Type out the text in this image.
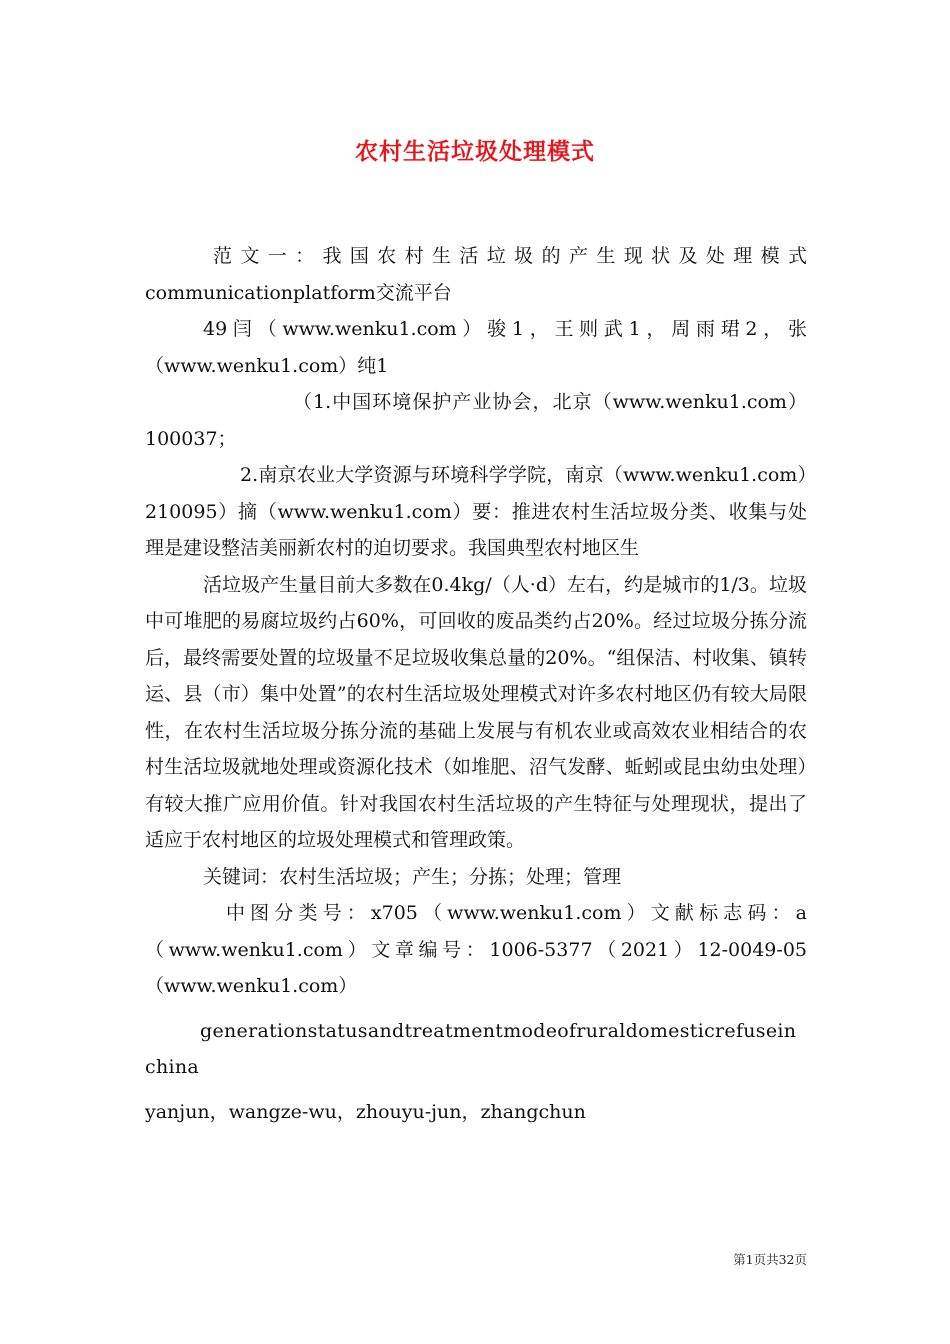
农村生活垃圾处理模式

范文一：我国农村生活垃圾的产生现状及处理模式communicationplatform交流平台

49闫（www.wenku1.com）骏1，王则武1，周雨珺2，张（www.wenku1.com）纯1

（1.中国环境保护产业协会，北京（www.wenku1.com）100037；

2.南京农业大学资源与环境科学学院，南京（www.wenku1.com）210095）摘（www.wenku1.com）要：推进农村生活垃圾分类、收集与处理是建设整洁美丽新农村的迫切要求。我国典型农村地区生

活垃圾产生量目前大多数在0.4kg/（人·d）左右，约是城市的1/3。垃圾中可堆肥的易腐垃圾约占60%，可回收的废品类约占20%。经过垃圾分拣分流后，最终需要处置的垃圾量不足垃圾收集总量的20%。“组保洁、村收集、镇转运、县（市）集中处置”的农村生活垃圾处理模式对许多农村地区仍有较大局限性，在农村生活垃圾分拣分流的基础上发展与有机农业或高效农业相结合的农村生活垃圾就地处理或资源化技术（如堆肥、沼气发酵、蚯蚓或昆虫幼虫处理）有较大推广应用价值。针对我国农村生活垃圾的产生特征与处理现状，提出了适应于农村地区的垃圾处理模式和管理政策。

关键词：农村生活垃圾；产生；分拣；处理；管理

中图分类号：x705（www.wenku1.com）文献标志码：a（www.wenku1.com）文章编号：1006-5377（2021）12-0049-05（www.wenku1.com）

generationstatusandtreatmentmodeofruraldomesticrefuseinchina

yanjun，wangze-wu，zhouyu-jun，zhangchun

第1页共32页
